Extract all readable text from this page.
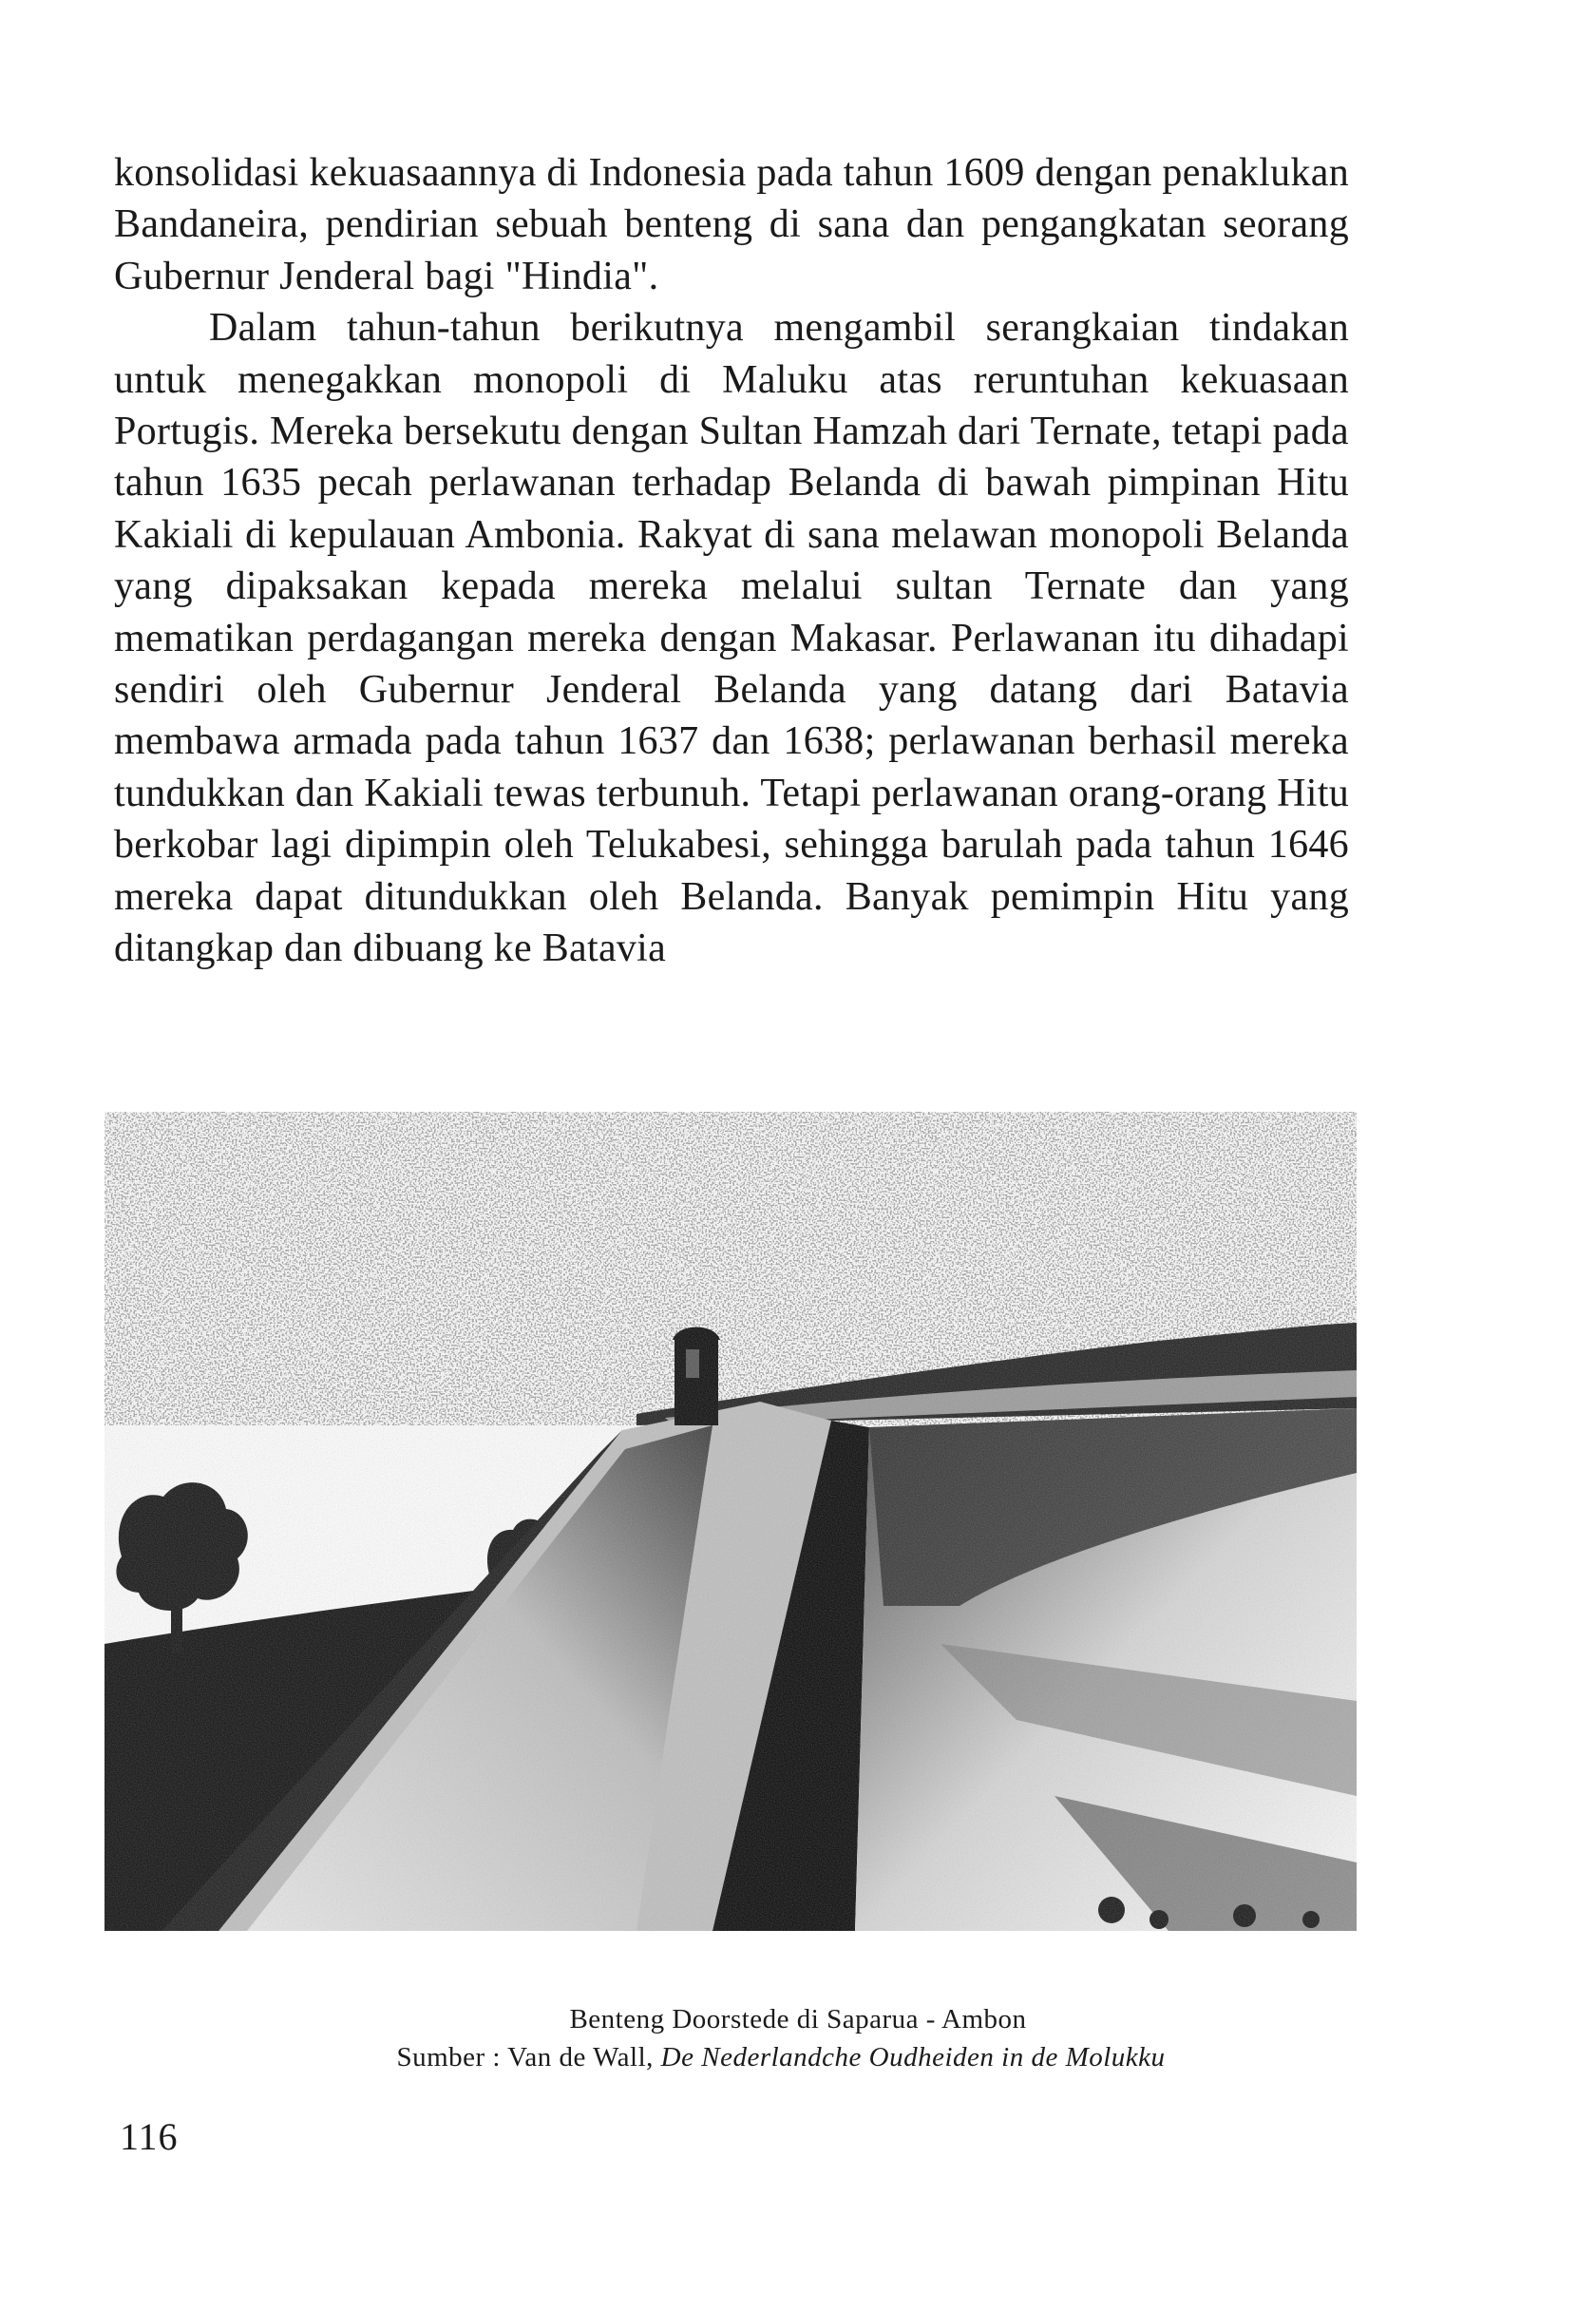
konsolidasi kekuasaannya di Indonesia pada tahun 1609 dengan penaklukan Bandaneira, pendirian sebuah benteng di sana dan pengangkatan seorang Gubernur Jenderal bagi "Hindia".

Dalam tahun-tahun berikutnya mengambil serangkaian tindakan untuk menegakkan monopoli di Maluku atas reruntuhan kekuasaan Portugis. Mereka bersekutu dengan Sultan Hamzah dari Ternate, tetapi pada tahun 1635 pecah perlawanan terhadap Belanda di bawah pimpinan Hitu Kakiali di kepulauan Ambonia. Rakyat di sana melawan monopoli Belanda yang dipaksakan kepada mereka melalui sultan Ternate dan yang mematikan perdagangan mereka dengan Makasar. Perlawanan itu dihadapi sendiri oleh Gubernur Jenderal Belanda yang datang dari Batavia membawa armada pada tahun 1637 dan 1638; perlawanan berhasil mereka tundukkan dan Kakiali tewas terbunuh. Tetapi perlawanan orang-orang Hitu berkobar lagi dipimpin oleh Telukabesi, sehingga barulah pada tahun 1646 mereka dapat ditundukkan oleh Belanda. Banyak pemimpin Hitu yang ditangkap dan dibuang ke Batavia

Benteng Doorstede di Saparua - Ambon
Sumber : Van de Wall, De Nederlandche Oudheiden in de Molukku
116
